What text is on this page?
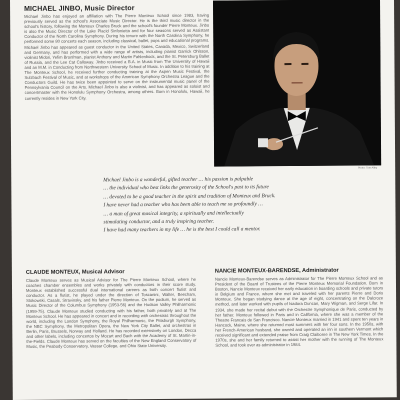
MICHAEL JINBO, Music Director
Michael Jinbo has enjoyed an affiliation with The Pierre Monteux School since 1983, having previously served as the school's Associate Music Director. He is the third music director in the school's history, following the Monteux Charles Bruck and the school's founder Pierre Monteux. Jinbo is also the Music Director of the Lake Placid Sinfonietta and for four seasons served as Assistant Conductor of the North Carolina Symphony. During his tenure with the North Carolina Symphony, he performed some 80 concerts each season, including classical, ballet, pops and educational programs. Michael Jinbo has appeared as guest conductor in the United States, Canada, Mexico, Switzerland and Germany, and has performed with a wide range of artists, including pianist Garrick Ohlsson, violinist Midori, Yefim Bronfman, pianist Anthony and Martin Fahlenbock, and the St. Petersburg Ballet of Russia, and the Lee Cat Calloway. Jinbo received a B.A. in Music from The University of Hawaii and an M.M. in Conducting from Northwestern University School of Music. In addition to his training at The Monteux School, he received further conducting training at the Aspen Music Festival, the Sulzbach Festival of Music, and at workshops of the American Symphony Orchestra League and the Conductors Guild. He has twice been appointed to serve on the instrumental music panel of the Pennsylvania Council on the Arts. Michael Jinbo is also a violinist, and has appeared as soloist and concertmaster with the Honolulu Symphony Orchestra, among others. Born in Honolulu, Hawaii, he currently resides in New York City.
Photo: Tom Alley
Michael Jinbo is a wonderful, gifted teacher … his passion is palpable
… the individual who best links the generosity of the School's past to its future
… devoted to be a good teacher in the spirit and tradition of Monteux and Bruck.
I have never had a teacher who has been able to teach me so profoundly …
… a man of great musical integrity, a spiritually and intellectually
stimulating conductor, and a truly inspiring teacher.
I have had many teachers in my life … he is the best I could call a mentor.
CLAUDE MONTEUX, Musical Advisor
Claude Monteux serves as Musical Advisor for The Pierre Monteux School, where he coaches chamber ensembles and works privately with conductors in their score study. Monteux established successful dual international careers as both concert flutist and conductor. As a flutist, he played under the direction of Toscanini, Walter, Beecham, Stokowski, Casals, Stravinsky, and his father Pierre Monteux. On the podium, he served as Music Director of the Columbus Symphony (1953-56) and the Hudson Valley Philharmonic (1959-75). Claude Monteux studied conducting with his father, both privately and at The Monteux School. He has appeared in concert and in recording with orchestras throughout the world, including the London Symphony, the Royal Philharmonic, the Pittsburgh Symphony, the NBC Symphony, the Metropolitan Opera, the New York City Ballet, and orchestras in Berlin, Paris, Brussels, Norway and Holland. He has recorded extensively on London, Decca and other labels, including concertos by Mozart and Bach with the Academy of St. Martin-in-the-Fields. Claude Monteux has served on the faculties of the New England Conservatory of Music, the Peabody Conservatory, Vassar College, and Ohio State University.
NANCIE MONTEUX-BARENDSE, Administrator
Nancie Monteux-Barendse serves as Administrator for The Pierre Monteux School and as President of the Board of Trustees of the Pierre Monteux Memorial Foundation. Born in Boston, Nancie Monteux received her early education in boarding schools and private tutors in Belgium and France, where she met and traveled with her parents Pierre and Doris Monteux. She began studying dance at the age of eight, concentrating on the Dalcroze method, and later worked with pupils of Isadora Duncan, Mary Wigman, and Serge Lifar. In 1934, she made her recital debut with the Orchestre Symphonique de Paris, conducted by her father. Monteux followed in Paris and in California, where she was a member of the Theatre Francais de San Francisco. Nancie Monteux married in 1941 and spent ten years in Hancock, Maine, where she returned most summers with her four sons. In the 1950s, with her French-American husband, she owned and operated an inn in southern Vermont which received significant and extended praise from Craig Claiborne in The New York Times. In the 1970s, she and her family returned to assist her mother with the running of The Monteux School, and took over as administrator in 1984.
